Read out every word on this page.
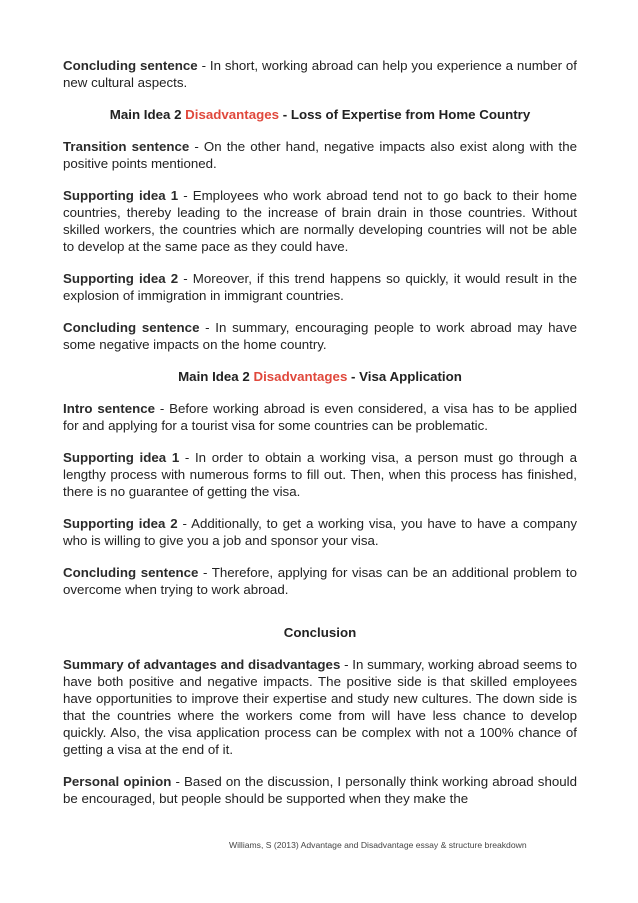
Concluding sentence - In short, working abroad can help you experience a number of new cultural aspects.

Main Idea 2 Disadvantages - Loss of Expertise from Home Country

Transition sentence - On the other hand, negative impacts also exist along with the positive points mentioned.

Supporting idea 1 - Employees who work abroad tend not to go back to their home countries, thereby leading to the increase of brain drain in those countries. Without skilled workers, the countries which are normally developing countries will not be able to develop at the same pace as they could have.

Supporting idea 2 - Moreover, if this trend happens so quickly, it would result in the explosion of immigration in immigrant countries.

Concluding sentence - In summary, encouraging people to work abroad may have some negative impacts on the home country.

Main Idea 2 Disadvantages - Visa Application

Intro sentence - Before working abroad is even considered, a visa has to be applied for and applying for a tourist visa for some countries can be problematic.

Supporting idea 1 - In order to obtain a working visa, a person must go through a lengthy process with numerous forms to fill out. Then, when this process has finished, there is no guarantee of getting the visa.

Supporting idea 2 - Additionally, to get a working visa, you have to have a company who is willing to give you a job and sponsor your visa.

Concluding sentence - Therefore, applying for visas can be an additional problem to overcome when trying to work abroad.

Conclusion

Summary of advantages and disadvantages - In summary, working abroad seems to have both positive and negative impacts. The positive side is that skilled employees have opportunities to improve their expertise and study new cultures. The down side is that the countries where the workers come from will have less chance to develop quickly. Also, the visa application process can be complex with not a 100% chance of getting a visa at the end of it.

Personal opinion - Based on the discussion, I personally think working abroad should be encouraged, but people should be supported when they make the

Williams, S (2013) Advantage and Disadvantage essay & structure breakdown
